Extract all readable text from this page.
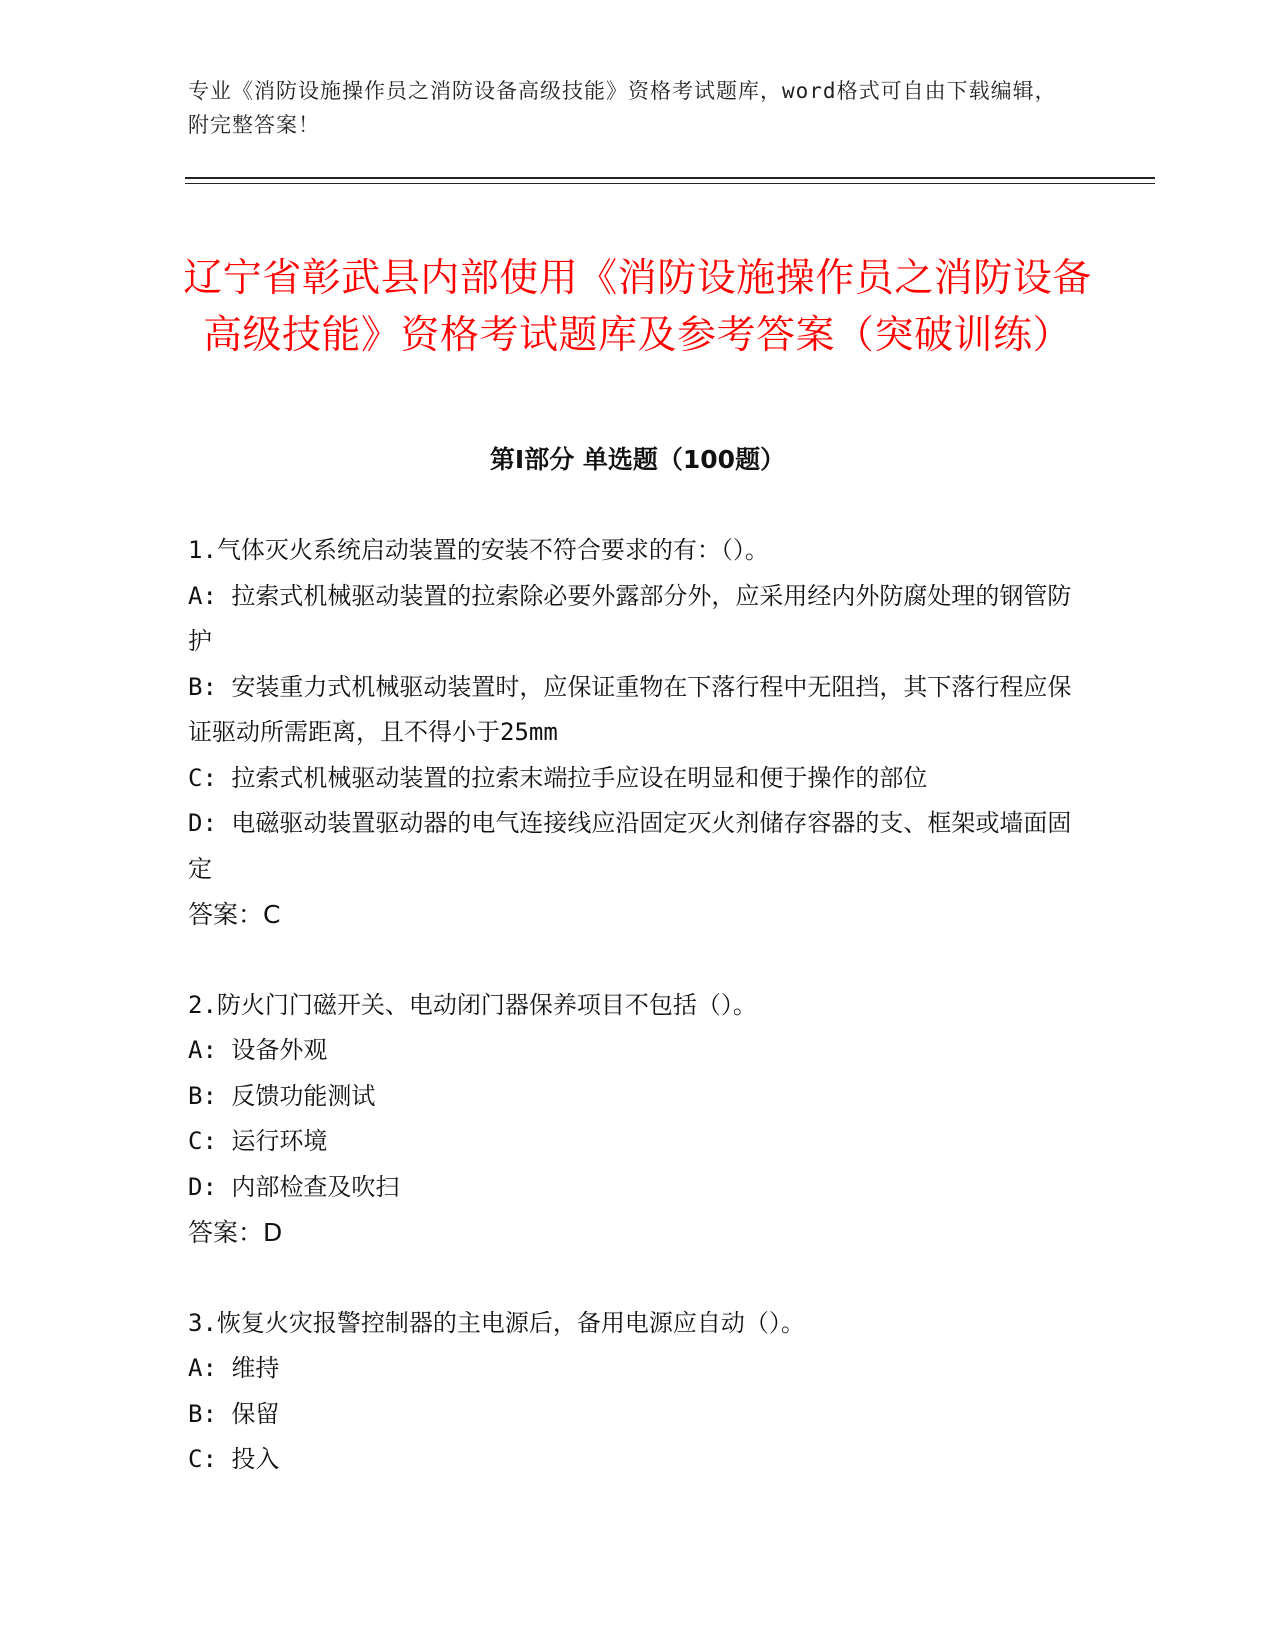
专业《消防设施操作员之消防设备高级技能》资格考试题库，word格式可自由下载编辑，附完整答案！
辽宁省彰武县内部使用《消防设施操作员之消防设备高级技能》资格考试题库及参考答案（突破训练）
第Ⅰ部分 单选题（100题）

1.气体灭火系统启动装置的安装不符合要求的有：（）。

A: 拉索式机械驱动装置的拉索除必要外露部分外，应采用经内外防腐处理的钢管防护

B: 安装重力式机械驱动装置时，应保证重物在下落行程中无阻挡，其下落行程应保证驱动所需距离，且不得小于25mm

C: 拉索式机械驱动装置的拉索末端拉手应设在明显和便于操作的部位

D: 电磁驱动装置驱动器的电气连接线应沿固定灭火剂储存容器的支、框架或墙面固定

答案：C

2.防火门门磁开关、电动闭门器保养项目不包括（）。

A: 设备外观

B: 反馈功能测试

C: 运行环境

D: 内部检查及吹扫

答案：D

3.恢复火灾报警控制器的主电源后，备用电源应自动（）。

A: 维持

B: 保留

C: 投入
